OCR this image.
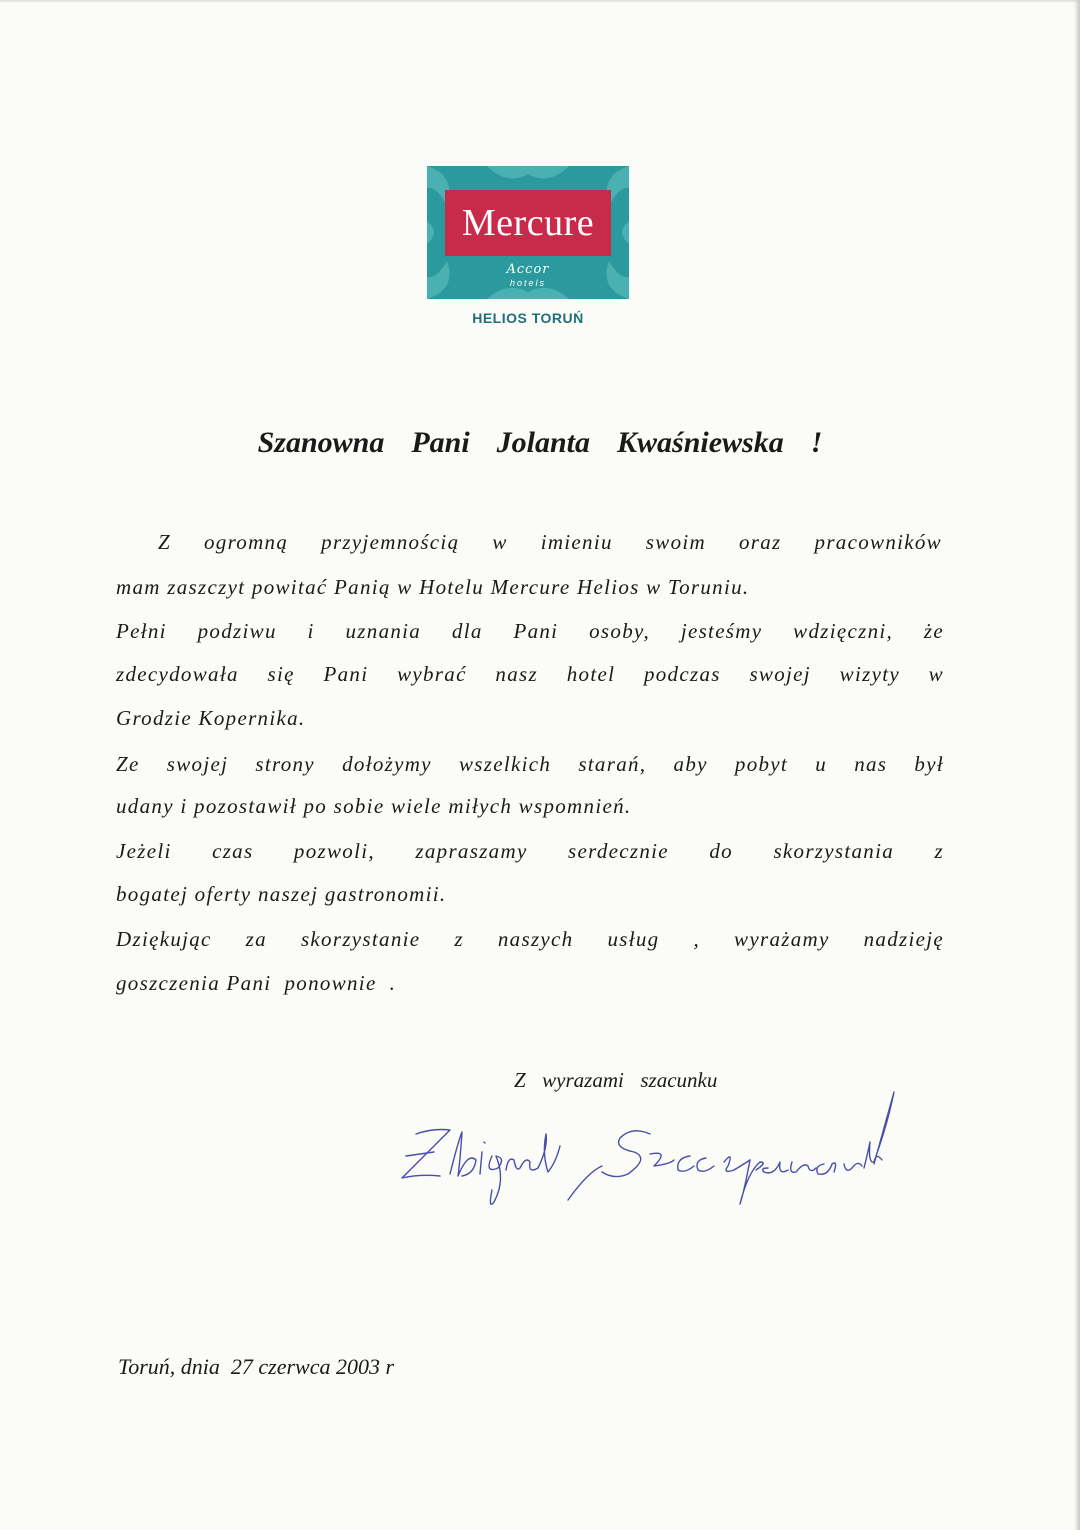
Mercure
Accor
hotels
HELIOS TORUŃ
Szanowna  Pani  Jolanta  Kwaśniewska  !
Z ogromną przyjemnością w imieniu swoim oraz pracowników
mam zaszczyt powitać Panią w Hotelu Mercure Helios w Toruniu.
Pełni podziwu i uznania dla Pani osoby, jesteśmy wdzięczni, że
zdecydowała się Pani wybrać nasz hotel podczas swojej wizyty w
Grodzie Kopernika.
Ze swojej strony dołożymy wszelkich starań, aby pobyt u nas był
udany i pozostawił po sobie wiele miłych wspomnień.
Jeżeli czas pozwoli, zapraszamy serdecznie do skorzystania z
bogatej oferty naszej gastronomii.
Dziękując za skorzystanie z naszych usług , wyrażamy nadzieję
goszczenia Pani  ponownie  .
Z  wyrazami  szacunku
Toruń, dnia  27 czerwca 2003 r
